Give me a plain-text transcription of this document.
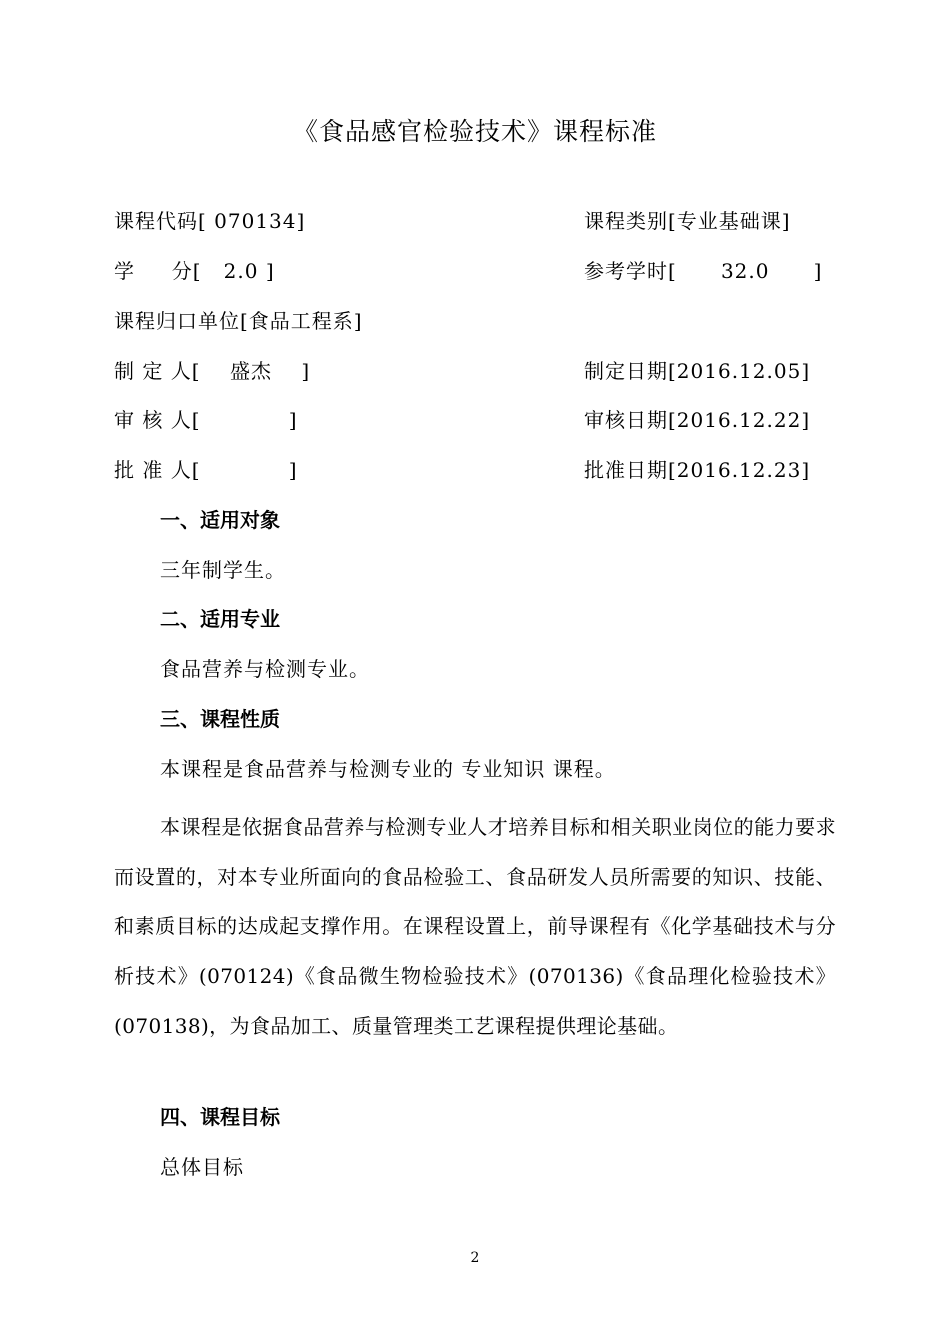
《食品感官检验技术》课程标准
课程代码[ 070134]	课程类别[专业基础课]
学     分[   2.0 ]	参考学时[      32.0      ]
课程归口单位[食品工程系]
制 定 人[    盛杰    ]	制定日期[2016.12.05]
审 核 人[            ]	审核日期[2016.12.22]
批 准 人[            ]	批准日期[2016.12.23]
一、适用对象
三年制学生。
二、适用专业
食品营养与检测专业。
三、课程性质
本课程是食品营养与检测专业的 专业知识 课程。
本课程是依据食品营养与检测专业人才培养目标和相关职业岗位的能力要求而设置的，对本专业所面向的食品检验工、食品研发人员所需要的知识、技能、和素质目标的达成起支撑作用。在课程设置上，前导课程有《化学基础技术与分析技术》(070124)《食品微生物检验技术》(070136)《食品理化检验技术》(070138)，为食品加工、质量管理类工艺课程提供理论基础。
四、课程目标
总体目标
2
